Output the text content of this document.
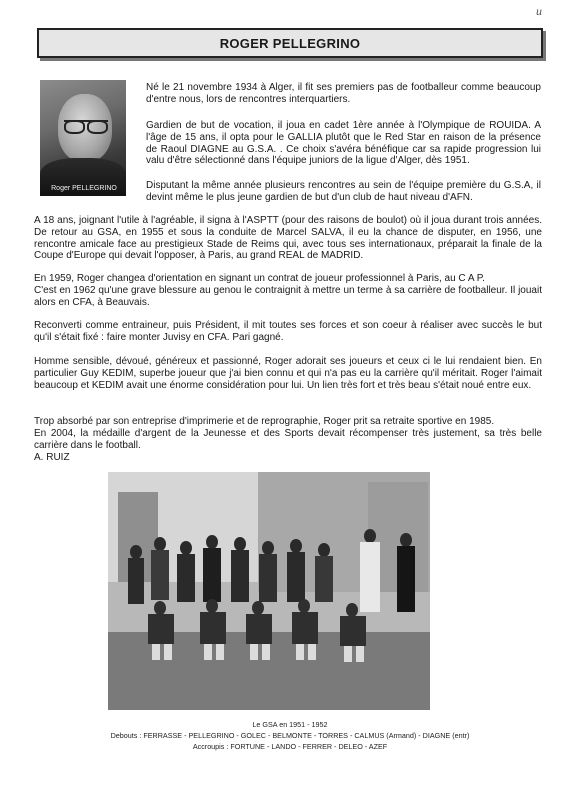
u
ROGER PELLEGRINO
Roger PELLEGRINO

Né le 21 novembre 1934 à Alger, il fit ses premiers pas de footballeur comme beaucoup d'entre nous, lors de rencontres interquartiers.

Gardien de but de vocation, il joua en cadet 1ère année à l'Olympique de ROUIDA. A l'âge de 15 ans, il opta pour le GALLIA plutôt que le Red Star en raison de la présence de Raoul DIAGNE au G.S.A. . Ce choix s'avéra bénéfique car sa rapide progression lui valu d'être sélectionné dans l'équipe juniors de la ligue d'Alger, dès 1951.

Disputant la même année plusieurs rencontres au sein de l'équipe première du G.S.A, il devint même le plus jeune gardien de but d'un club de haut niveau d'AFN.

A 18 ans, joignant l'utile à l'agréable, il signa à l'ASPTT (pour des raisons de boulot) où il joua durant trois années. De retour au GSA, en 1955 et sous la conduite de Marcel SALVA, il eu la chance de disputer, en 1956, une rencontre amicale face au prestigieux Stade de Reims qui, avec tous ses internationaux, préparait la finale de la Coupe d'Europe qui devait l'opposer, à Paris, au grand REAL de MADRID.

En 1959, Roger changea d'orientation en signant un contrat de joueur professionnel à Paris, au C A P.

C'est en 1962 qu'une grave blessure au genou le contraignit à mettre un terme à sa carrière de footballeur. Il jouait alors en CFA, à Beauvais.

Reconverti comme entraineur, puis Président, il mit toutes ses forces et son coeur à réaliser avec succès le but qu'il s'était fixé : faire monter Juvisy en CFA. Pari gagné.

Homme sensible, dévoué, généreux et passionné, Roger adorait ses joueurs et ceux ci le lui rendaient bien. En particulier Guy KEDIM, superbe joueur que j'ai bien connu et qui n'a pas eu la carrière qu'il méritait. Roger l'aimait beaucoup et KEDIM avait une énorme considération pour lui. Un lien très fort et très beau s'était noué entre eux.

Trop absorbé par son entreprise d'imprimerie et de reprographie, Roger prit sa retraite sportive en 1985.

En 2004, la médaille d'argent de la Jeunesse et des Sports devait récompenser très justement, sa très belle carrière dans le football.

A. RUIZ

Le GSA en 1951 - 1952
Debouts : FERRASSE - PELLEGRINO - GOLEC - BELMONTE - TORRES - CALMUS (Armand) - DIAGNE (entr)
Accroupis : FORTUNE - LANDO - FERRER - DELEO - AZEF
